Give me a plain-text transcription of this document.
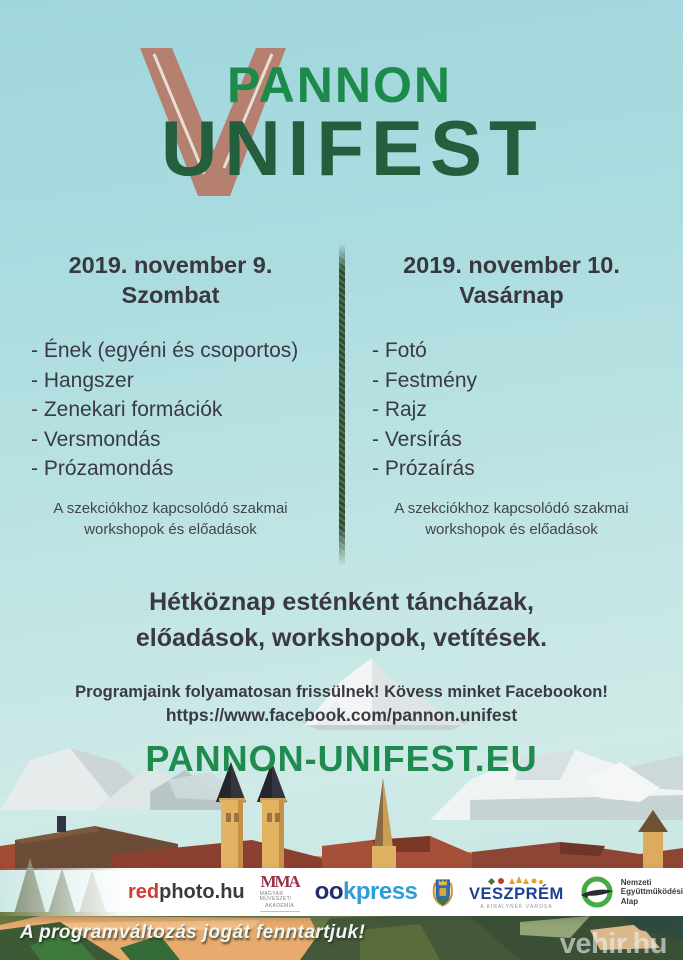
PANNON
UNIFEST
2019. november 9.
Szombat
- Ének (egyéni és csoportos)
- Hangszer
- Zenekari formációk
- Versmondás
- Prózamondás

A szekciókhoz kapcsolódó szakmai
workshopok és előadások

2019. november 10.
Vasárnap
- Fotó
- Festmény
- Rajz
- Versírás
- Prózaírás

A szekciókhoz kapcsolódó szakmai
workshopok és előadások

Hétköznap esténként táncházak,

előadások, workshopok, vetítések.

Programjaink folyamatosan frissülnek! Kövess minket Facebookon!

https://www.facebook.com/pannon.unifest

PANNON-UNIFEST.EU
redphoto.hu MMA
MAGYAR MŰVÉSZETI
AKADÉMIA
ookpress	VESZPRÉM
A KIRÁLYNÉK VÁROSA
Nemzeti
Együttműködési
Alap
A programváltozás jogát fenntartjuk!	vehir.hu
